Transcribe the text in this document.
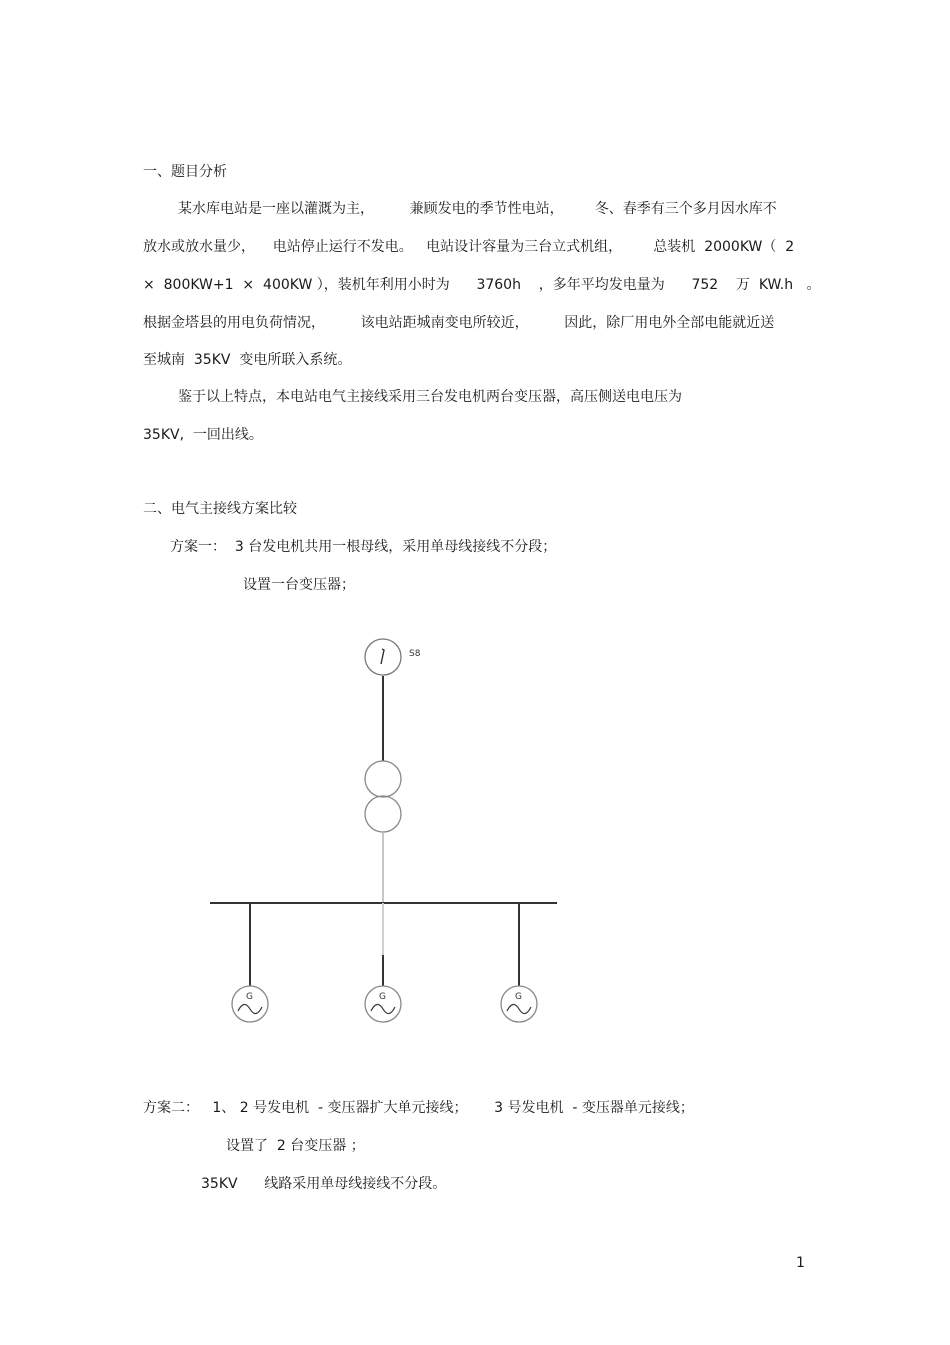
一、题目分析
某水库电站是一座以灌溉为主，        兼顾发电的季节性电站，       冬、春季有三个多月因水库不
放水或放水量少，    电站停止运行不发电。   电站设计容量为三台立式机组，       总装机  2000KW（  2
×  800KW+1  ×  400KW ），装机年利用小时为      3760h    ，多年平均发电量为      752    万  KW.h   。
根据金塔县的用电负荷情况，        该电站距城南变电所较近，        因此，除厂用电外全部电能就近送
至城南  35KV  变电所联入系统。
鉴于以上特点，本电站电气主接线采用三台发电机两台变压器，高压侧送电电压为
35KV,  一回出线。
二、电气主接线方案比较
方案一：  3 台发电机共用一根母线，采用单母线接线不分段；
设置一台变压器；
S8
G	G	G
方案二：   1、 2 号发电机  - 变压器扩大单元接线；      3 号发电机  - 变压器单元接线；
设置了  2 台变压器 ；
35KV      线路采用单母线接线不分段。
1
